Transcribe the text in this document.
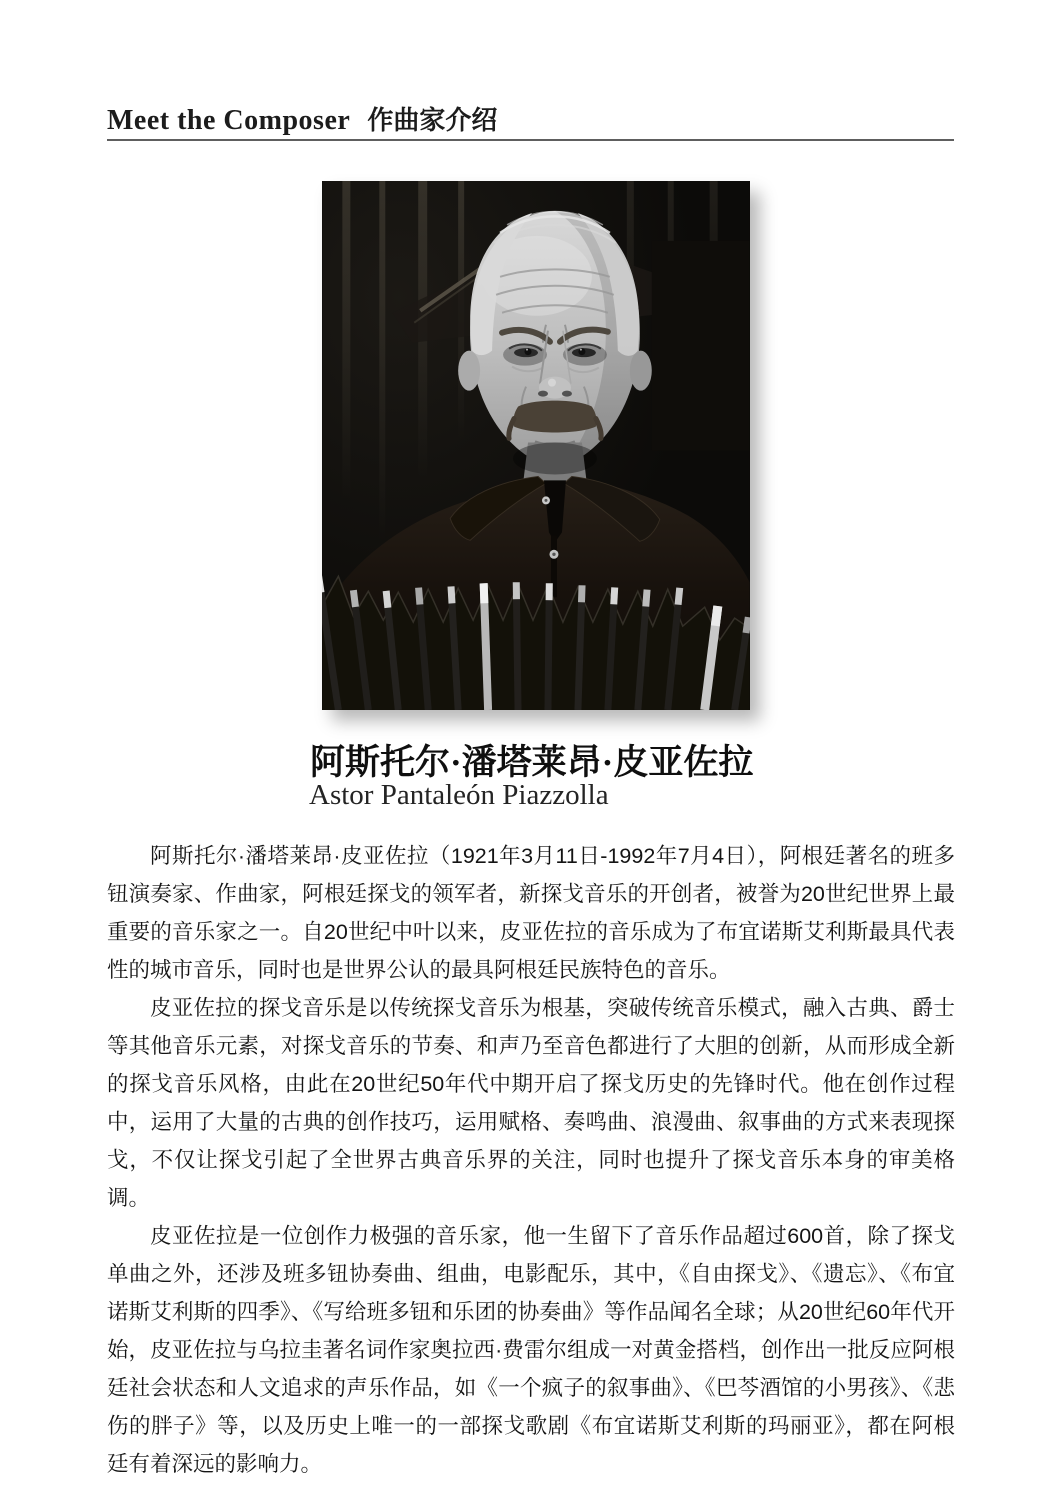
Meet the Composer 作曲家介绍
阿斯托尔·潘塔莱昂·皮亚佐拉
Astor Pantaleón Piazzolla

阿斯托尔·潘塔莱昂·皮亚佐拉（1921年3月11日-1992年7月4日），阿根廷著名的班多钮演奏家、作曲家，阿根廷探戈的领军者，新探戈音乐的开创者，被誉为20世纪世界上最重要的音乐家之一。自20世纪中叶以来，皮亚佐拉的音乐成为了布宜诺斯艾利斯最具代表性的城市音乐，同时也是世界公认的最具阿根廷民族特色的音乐。

皮亚佐拉的探戈音乐是以传统探戈音乐为根基，突破传统音乐模式，融入古典、爵士等其他音乐元素，对探戈音乐的节奏、和声乃至音色都进行了大胆的创新，从而形成全新的探戈音乐风格，由此在20世纪50年代中期开启了探戈历史的先锋时代。他在创作过程中，运用了大量的古典的创作技巧，运用赋格、奏鸣曲、浪漫曲、叙事曲的方式来表现探戈，不仅让探戈引起了全世界古典音乐界的关注，同时也提升了探戈音乐本身的审美格调。

皮亚佐拉是一位创作力极强的音乐家，他一生留下了音乐作品超过600首，除了探戈单曲之外，还涉及班多钮协奏曲、组曲，电影配乐，其中，《自由探戈》、《遗忘》、《布宜诺斯艾利斯的四季》、《写给班多钮和乐团的协奏曲》等作品闻名全球；从20世纪60年代开始，皮亚佐拉与乌拉圭著名词作家奥拉西·费雷尔组成一对黄金搭档，创作出一批反应阿根廷社会状态和人文追求的声乐作品，如《一个疯子的叙事曲》、《巴芩酒馆的小男孩》、《悲伤的胖子》等，以及历史上唯一的一部探戈歌剧《布宜诺斯艾利斯的玛丽亚》，都在阿根廷有着深远的影响力。
